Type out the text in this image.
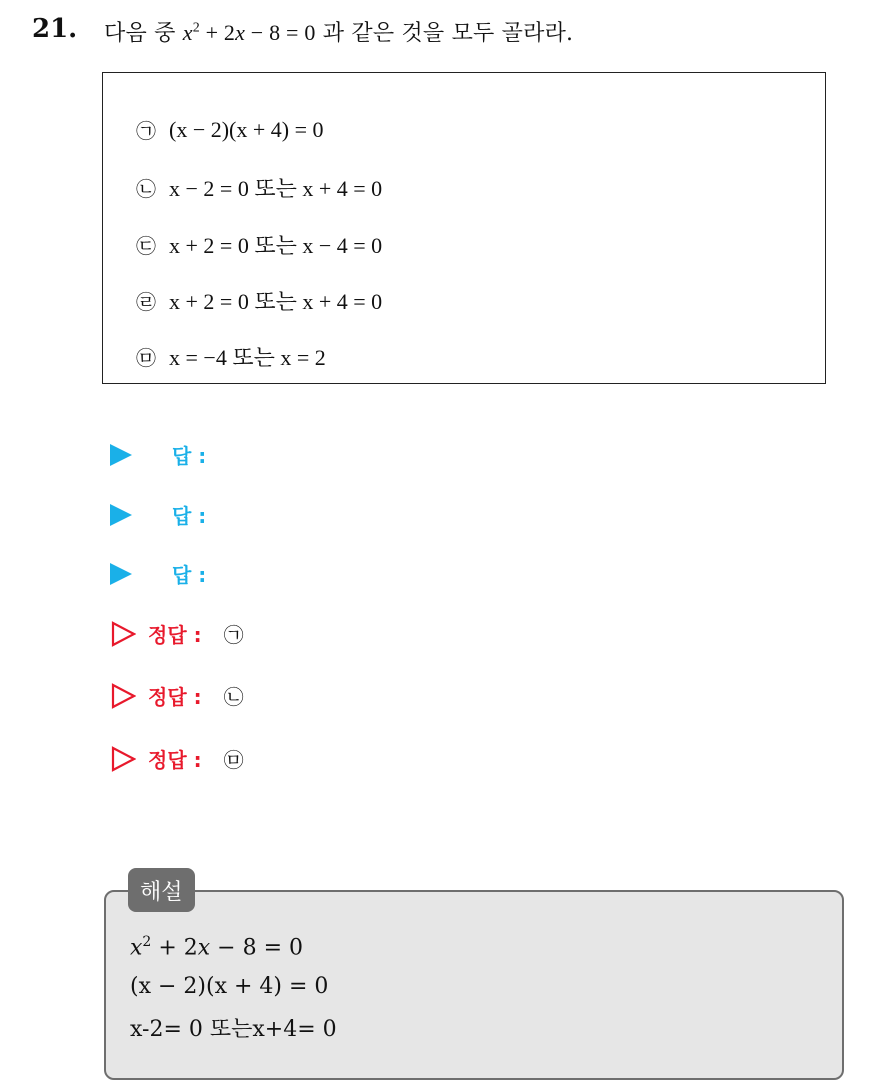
21. 다음 중 $x^2 + 2x - 8 = 0$ 과 같은 것을 모두 골라라.
㉠ (x − 2)(x + 4) = 0
㉡ x − 2 = 0 또는 x + 4 = 0
㉢ x + 2 = 0 또는 x − 4 = 0
㉣ x + 2 = 0 또는 x + 4 = 0
㉤ x = −4 또는 x = 2
답 :
답 :
답 :
정답 : ㉠
정답 : ㉡
정답 : ㉤
해설
$x^2 + 2x - 8 = 0$
(x − 2)(x + 4) = 0
x-2= 0 또는x+4= 0
